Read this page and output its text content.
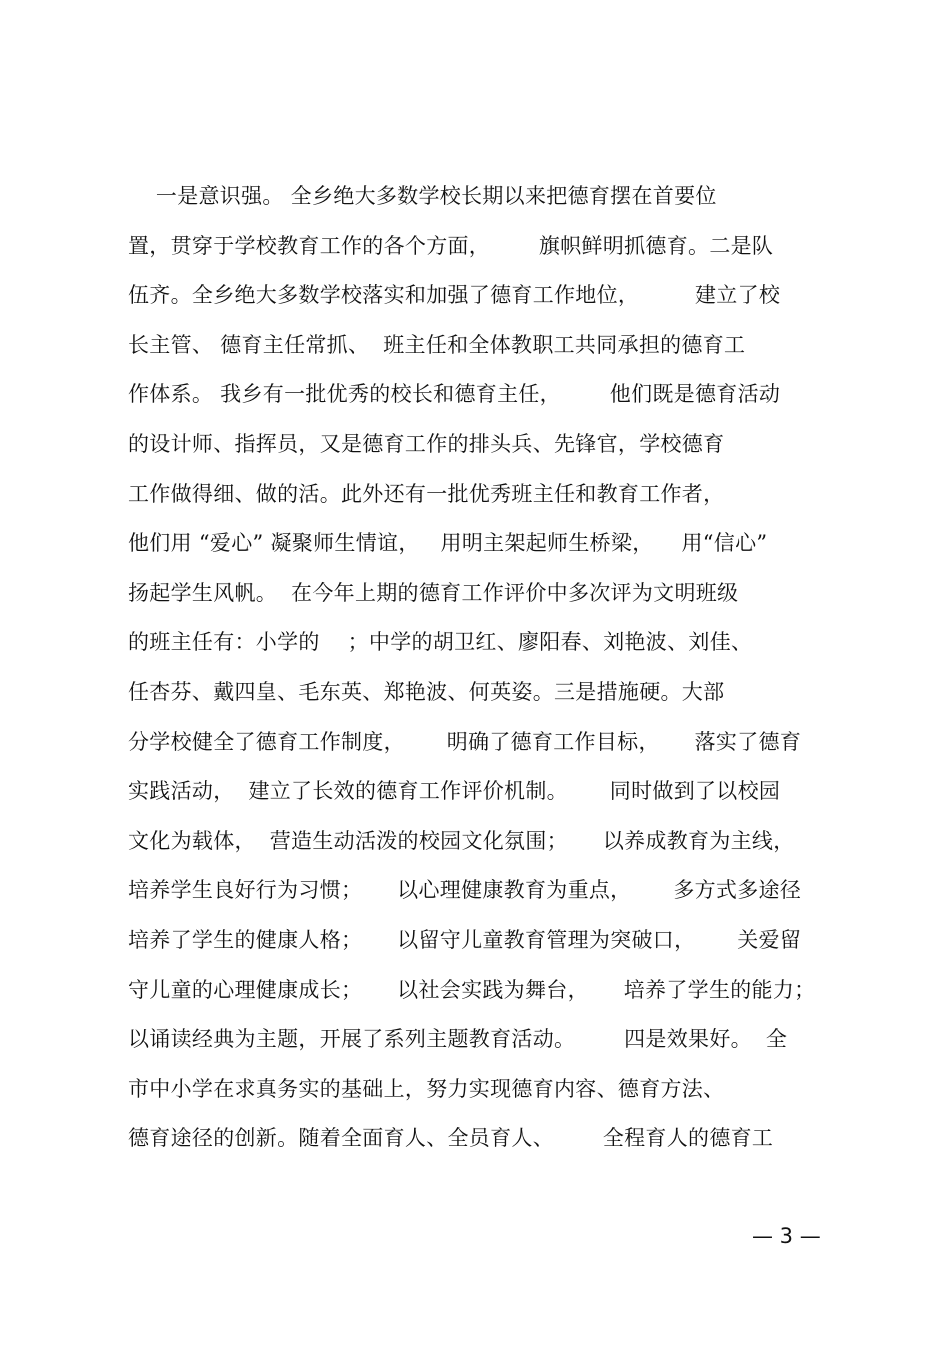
一是意识强。 全乡绝大多数学校长期以来把德育摆在首要位
置，贯穿于学校教育工作的各个方面，       旗帜鲜明抓德育。二是队
伍齐。全乡绝大多数学校落实和加强了德育工作地位，        建立了校
长主管、 德育主任常抓、  班主任和全体教职工共同承担的德育工
作体系。 我乡有一批优秀的校长和德育主任，       他们既是德育活动
的设计师、指挥员，又是德育工作的排头兵、先锋官，学校德育
工作做得细、做的活。此外还有一批优秀班主任和教育工作者，
他们用 “爱心” 凝聚师生情谊，   用明主架起师生桥梁，    用“信心”
扬起学生风帆。  在今年上期的德育工作评价中多次评为文明班级
的班主任有：小学的    ；中学的胡卫红、廖阳春、刘艳波、刘佳、
任杏芬、戴四皇、毛东英、郑艳波、何英姿。三是措施硬。大部
分学校健全了德育工作制度，      明确了德育工作目标，     落实了德育
实践活动，  建立了长效的德育工作评价机制。      同时做到了以校园
文化为载体，  营造生动活泼的校园文化氛围；     以养成教育为主线，
培养学生良好行为习惯；     以心理健康教育为重点，      多方式多途径
培养了学生的健康人格；     以留守儿童教育管理为突破口，      关爱留
守儿童的心理健康成长；     以社会实践为舞台，     培养了学生的能力；
以诵读经典为主题，开展了系列主题教育活动。       四是效果好。  全
市中小学在求真务实的基础上，努力实现德育内容、德育方法、
德育途径的创新。随着全面育人、全员育人、       全程育人的德育工
— 3 —
